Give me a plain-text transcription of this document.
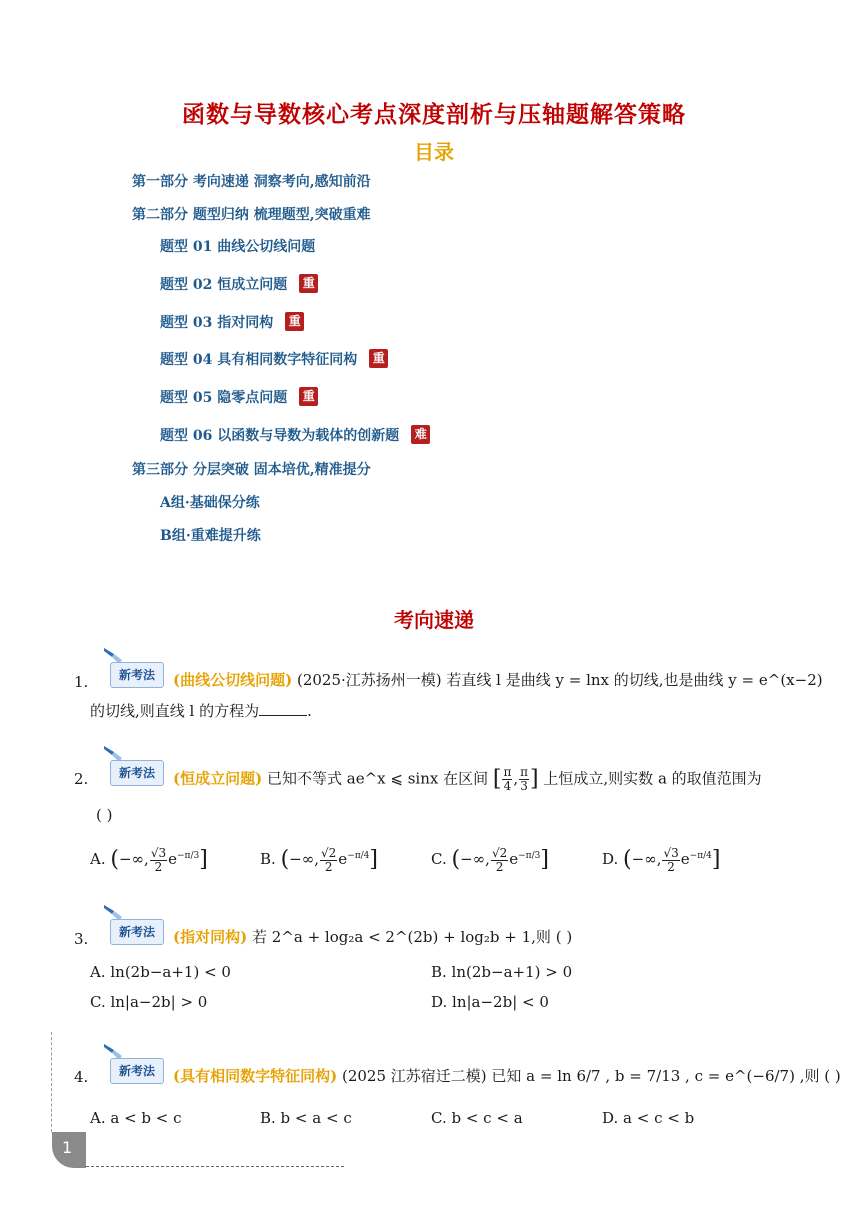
函数与导数核心考点深度剖析与压轴题解答策略
目录
第一部分 考向速递 洞察考向,感知前沿
第二部分 题型归纳 梳理题型,突破重难
题型 01 曲线公切线问题
题型 02 恒成立问题 重
题型 03 指对同构 重
题型 04 具有相同数字特征同构 重
题型 05 隐零点问题 重
题型 06 以函数与导数为载体的创新题 难
第三部分 分层突破 固本培优,精准提分
A组·基础保分练
B组·重难提升练
考向速递
1.	新考法	(曲线公切线问题) (2025·江苏扬州一模) 若直线 l 是曲线 y = lnx 的切线,也是曲线 y = e^(x−2)
的切线,则直线 l 的方程为	.
2.	新考法	(恒成立问题) 已知不等式 ae^x ⩽ sinx 在区间 [ $\frac{\pi}{4}$ , $\frac{\pi}{3}$ ] 上恒成立,则实数 a 的取值范围为
( )
A. (−∞, $\frac{√3}{2} e^{-\pi/3}$]	B. (−∞, $\frac{√2}{2} e^{-\pi/4}$]	C. (−∞, $\frac{√2}{2} e^{-\pi/3}$]	D. (−∞, $\frac{√3}{2} e^{-\pi/4}$]
3.	新考法	(指对同构) 若 2^a + log₂a < 2^(2b) + log₂b + 1,则 ( )
A. ln(2b−a+1) < 0	B. ln(2b−a+1) > 0
C. ln|a−2b| > 0	D. ln|a−2b| < 0
4.	新考法	(具有相同数字特征同构) (2025 江苏宿迁二模) 已知 a = ln 6/7 , b = 7/13 , c = e^(−6/7) ,则 ( )
A. a < b < c	B. b < a < c	C. b < c < a	D. a < c < b
1
